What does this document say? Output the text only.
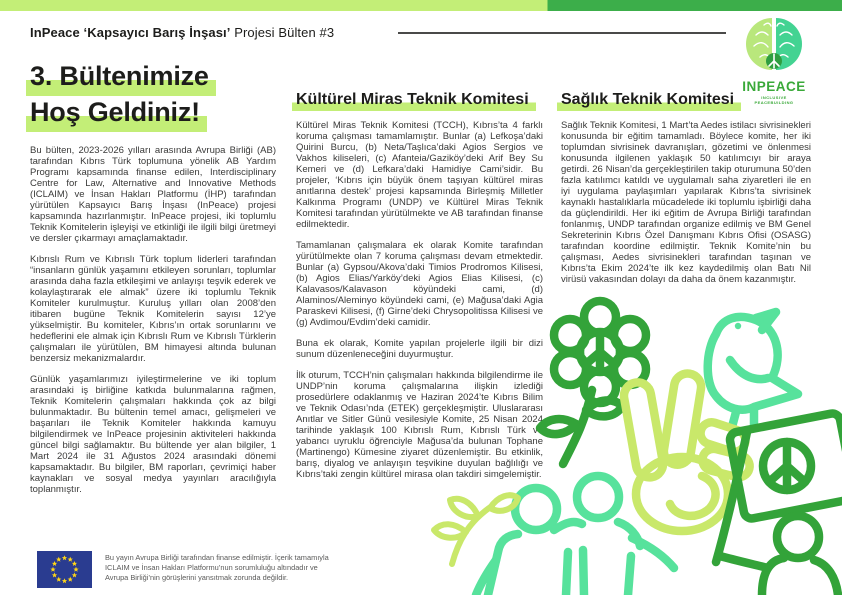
InPeace ‘Kapsayıcı Barış İnşası’ Projesi Bülten #3
INPEACE
INCLUSIVE PEACEBUILDING
3. Bültenimize
Hoş Geldiniz!

Bu bülten, 2023-2026 yılları arasında Avrupa Birliği (AB) tarafından Kıbrıs Türk toplumuna yönelik AB Yardım Programı kapsamında finanse edilen, Interdisciplinary Centre for Law, Alternative and Innovative Methods (ICLAIM) ve İnsan Hakları Platformu (İHP) tarafından yürütülen Kapsayıcı Barış İnşası (InPeace) projesi kapsamında hazırlanmıştır. InPeace projesi, iki toplumlu Teknik Komitelerin işleyişi ve etkinliği ile ilgili bilgi üretmeyi ve dersler çıkarmayı amaçlamaktadır.

Kıbrıslı Rum ve Kıbrıslı Türk toplum liderleri tarafından “insanların günlük yaşamını etkileyen sorunları, toplumlar arasında daha fazla etkileşimi ve anlayışı teşvik ederek ve kolaylaştırarak ele almak” üzere iki toplumlu Teknik Komiteler kurulmuştur. Kuruluş yılları olan 2008’den itibaren bugüne Teknik Komitelerin sayısı 12’ye yükselmiştir. Bu komiteler, Kıbrıs’ın ortak sorunlarını ve hedeflerini ele almak için Kıbrıslı Rum ve Kıbrıslı Türklerin çalışmaları ile yürütülen, BM himayesi altında bulunan benzersiz mekanizmalardır.

Günlük yaşamlarımızı iyileştirmelerine ve iki toplum arasındaki iş birliğine katkıda bulunmalarına rağmen, Teknik Komitelerin çalışmaları hakkında çok az bilgi bulunmaktadır. Bu bültenin temel amacı, gelişmeleri ve başarıları ile Teknik Komiteler hakkında kamuyu bilgilendirmek ve InPeace projesinin aktiviteleri hakkında güncel bilgi sağlamaktır. Bu bültende yer alan bilgiler, 1 Mart 2024 ile 31 Ağustos 2024 arasındaki dönemi kapsamaktadır. Bu bilgiler, BM raporları, çevrimiçi haber kaynakları ve sosyal medya yayınları aracılığıyla toplanmıştır.

Kültürel Miras Teknik Komitesi

Kültürel Miras Teknik Komitesi (TCCH), Kıbrıs’ta 4 farklı koruma çalışması tamamlamıştır. Bunlar (a) Lefkoşa’daki Quirini Burcu, (b) Neta/Taşlıca’daki Agios Sergios ve Vakhos kiliseleri, (c) Afanteia/Gaziköy’deki Arif Bey Su Kemeri ve (d) Lefkara’daki Hamidiye Cami’sidir. Bu projeler, ‘Kıbrıs için büyük önem taşıyan kültürel miras anıtlarına destek’ projesi kapsamında Birleşmiş Milletler Kalkınma Programı (UNDP) ve Kültürel Miras Teknik Komitesi tarafından yürütülmekte ve AB tarafından finanse edilmektedir.

Tamamlanan çalışmalara ek olarak Komite tarafından yürütülmekte olan 7 koruma çalışması devam etmektedir. Bunlar (a) Gypsou/Akova’daki Timios Prodromos Kilisesi, (b) Agios Elias/Yarköy’deki Agios Elias Kilisesi, (c) Kalavasos/Kalavason köyündeki cami, (d) Alaminos/Aleminyo köyündeki cami, (e) Mağusa’daki Agia Paraskevi Kilisesi, (f) Girne’deki Chrysopolitissa Kilisesi ve (g) Avdimou/Evdim’deki camidir.

Buna ek olarak, Komite yapılan projelerle ilgili bir dizi sunum düzenleneceğini duyurmuştur.

İlk oturum, TCCH’nin çalışmaları hakkında bilgilendirme ile UNDP’nin koruma çalışmalarına ilişkin izlediği prosedürlere odaklanmış ve Haziran 2024’te Kıbrıs Bilim ve Teknik Odası’nda (ETEK) gerçekleşmiştir. Uluslararası Anıtlar ve Sitler Günü vesilesiyle Komite, 25 Nisan 2024 tarihinde yaklaşık 100 Kıbrıslı Rum, Kıbrıslı Türk ve yabancı uyruklu öğrenciyle Mağusa’da bulunan Tophane (Martinengo) Kümesine ziyaret düzenlemiştir. Bu etkinlik, barış, diyalog ve anlayışın teşvikine duyulan bağlılığı ve Kıbrıs’taki zengin kültürel mirasa olan takdiri simgelemiştir.

Sağlık Teknik Komitesi

Sağlık Teknik Komitesi, 1 Mart’ta Aedes istilacı sivrisinekleri konusunda bir eğitim tamamladı. Böylece komite, her iki toplumdan sivrisinek davranışları, gözetimi ve önlenmesi konusunda ilgilenen yaklaşık 50 katılımcıyı bir araya getirdi. 26 Nisan’da gerçekleştirilen takip oturumuna 50’den fazla katılımcı katıldı ve uygulamalı saha ziyaretleri ile en iyi uygulama paylaşımları yapılarak Kıbrıs’ta sivrisinek kaynaklı hastalıklarla mücadelede iki toplumlu işbirliği daha da güçlendirildi. Her iki eğitim de Avrupa Birliği tarafından fonlanmış, UNDP tarafından organize edilmiş ve BM Genel Sekreterinin Kıbrıs Özel Danışmanı Kıbrıs Ofisi (OSASG) tarafından koordine edilmiştir. Teknik Komite’nin bu çalışması, Aedes sivrisinekleri tarafından taşınan ve Kıbrıs’ta Ekim 2024’te ilk kez kaydedilmiş olan Batı Nil virüsü vakasından dolayı da daha da önem kazanmıştır.

Bu yayın Avrupa Birliği tarafından finanse edilmiştir. İçerik tamamıyla
ICLAIM ve İnsan Hakları Platformu’nun sorumluluğu altındadır ve
Avrupa Birliği’nin görüşlerini yansıtmak zorunda değildir.
